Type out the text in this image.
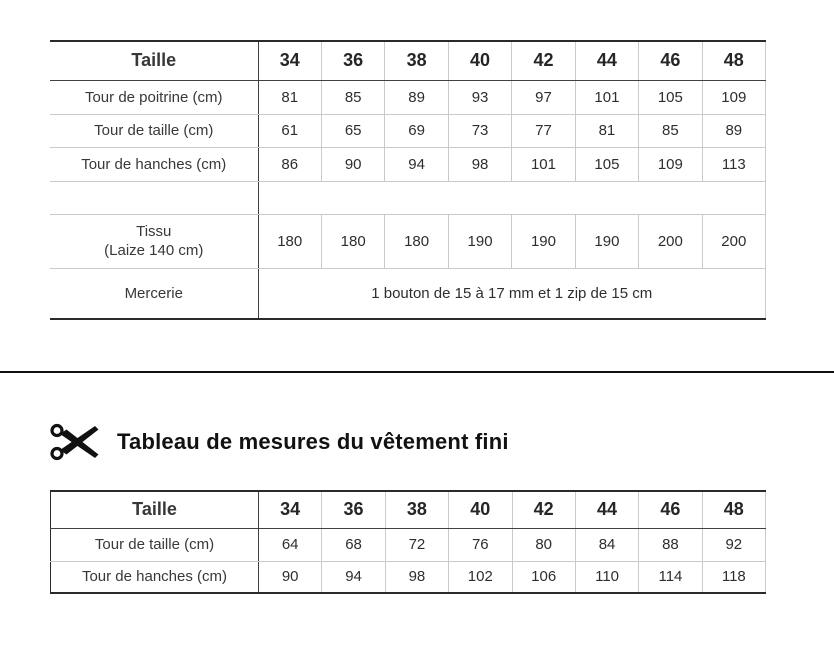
Taille	34	36	38	40	42	44	46	48
Tour de poitrine (cm)	81	85	89	93	97	101	105	109
Tour de taille (cm)	61	65	69	73	77	81	85	89
Tour de hanches (cm)	86	90	94	98	101	105	109	113

Tissu
(Laize 140 cm)	180	180	180	190	190	190	200	200
Mercerie	1 bouton de 15 à 17 mm et 1 zip de 15 cm							
Tableau de mesures du vêtement fini
Taille	34	36	38	40	42	44	46	48
Tour de taille (cm)	64	68	72	76	80	84	88	92
Tour de hanches (cm)	90	94	98	102	106	110	114	118
